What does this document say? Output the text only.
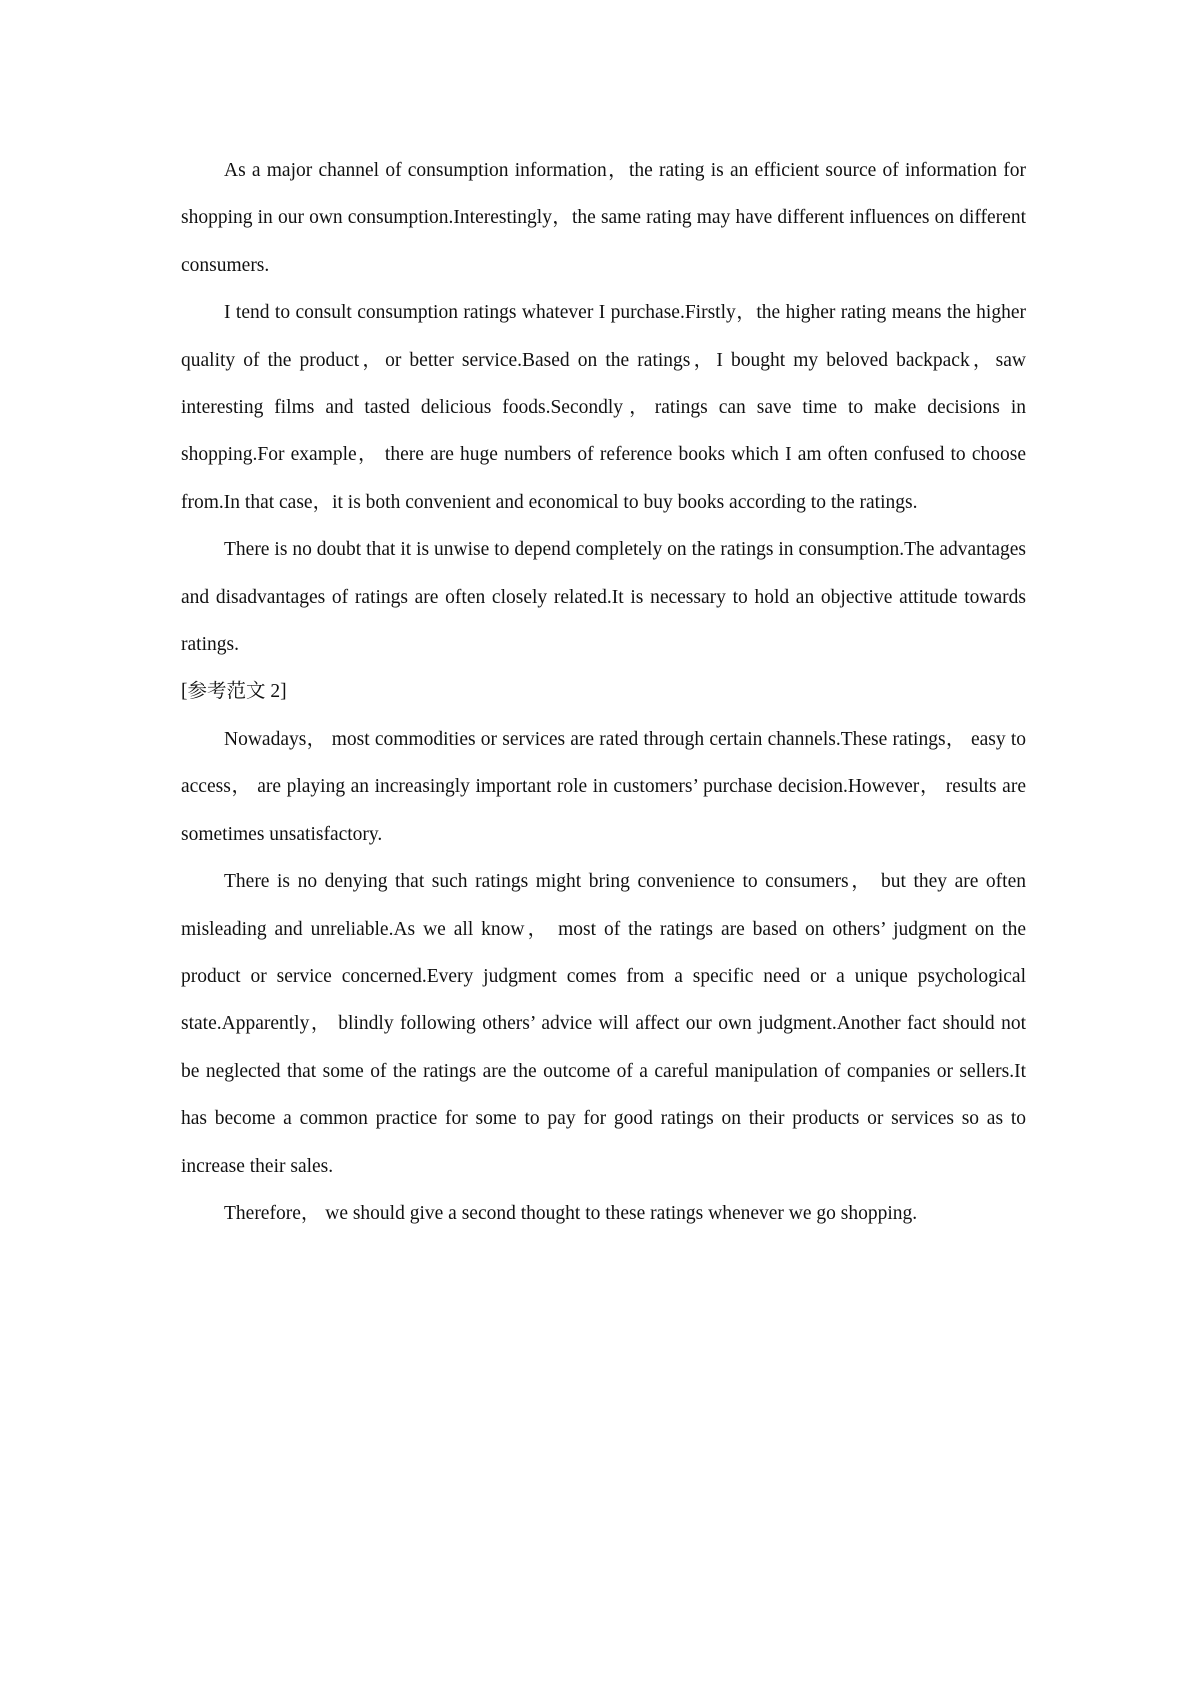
As a major channel of consumption information，the rating is an efficient source of information for shopping in our own consumption.Interestingly，the same rating may have different influences on different consumers.

I tend to consult consumption ratings whatever I purchase.Firstly，the higher rating means the higher quality of the product，or better service.Based on the ratings，I bought my beloved backpack，saw interesting films and tasted delicious foods.Secondly，ratings can save time to make decisions in shopping.For example， there are huge numbers of reference books which I am often confused to choose from.In that case，it is both convenient and economical to buy books according to the ratings.

There is no doubt that it is unwise to depend completely on the ratings in consumption.The advantages and disadvantages of ratings are often closely related.It is necessary to hold an objective attitude towards ratings.

[参考范文 2]

Nowadays， most commodities or services are rated through certain channels.These ratings， easy to access， are playing an increasingly important role in customers’ purchase decision.However， results are sometimes unsatisfactory.

There is no denying that such ratings might bring convenience to consumers， but they are often misleading and unreliable.As we all know， most of the ratings are based on others’ judgment on the product or service concerned.Every judgment comes from a specific need or a unique psychological state.Apparently， blindly following others’ advice will affect our own judgment.Another fact should not be neglected that some of the ratings are the outcome of a careful manipulation of companies or sellers.It has become a common practice for some to pay for good ratings on their products or services so as to increase their sales.

Therefore， we should give a second thought to these ratings whenever we go shopping.
